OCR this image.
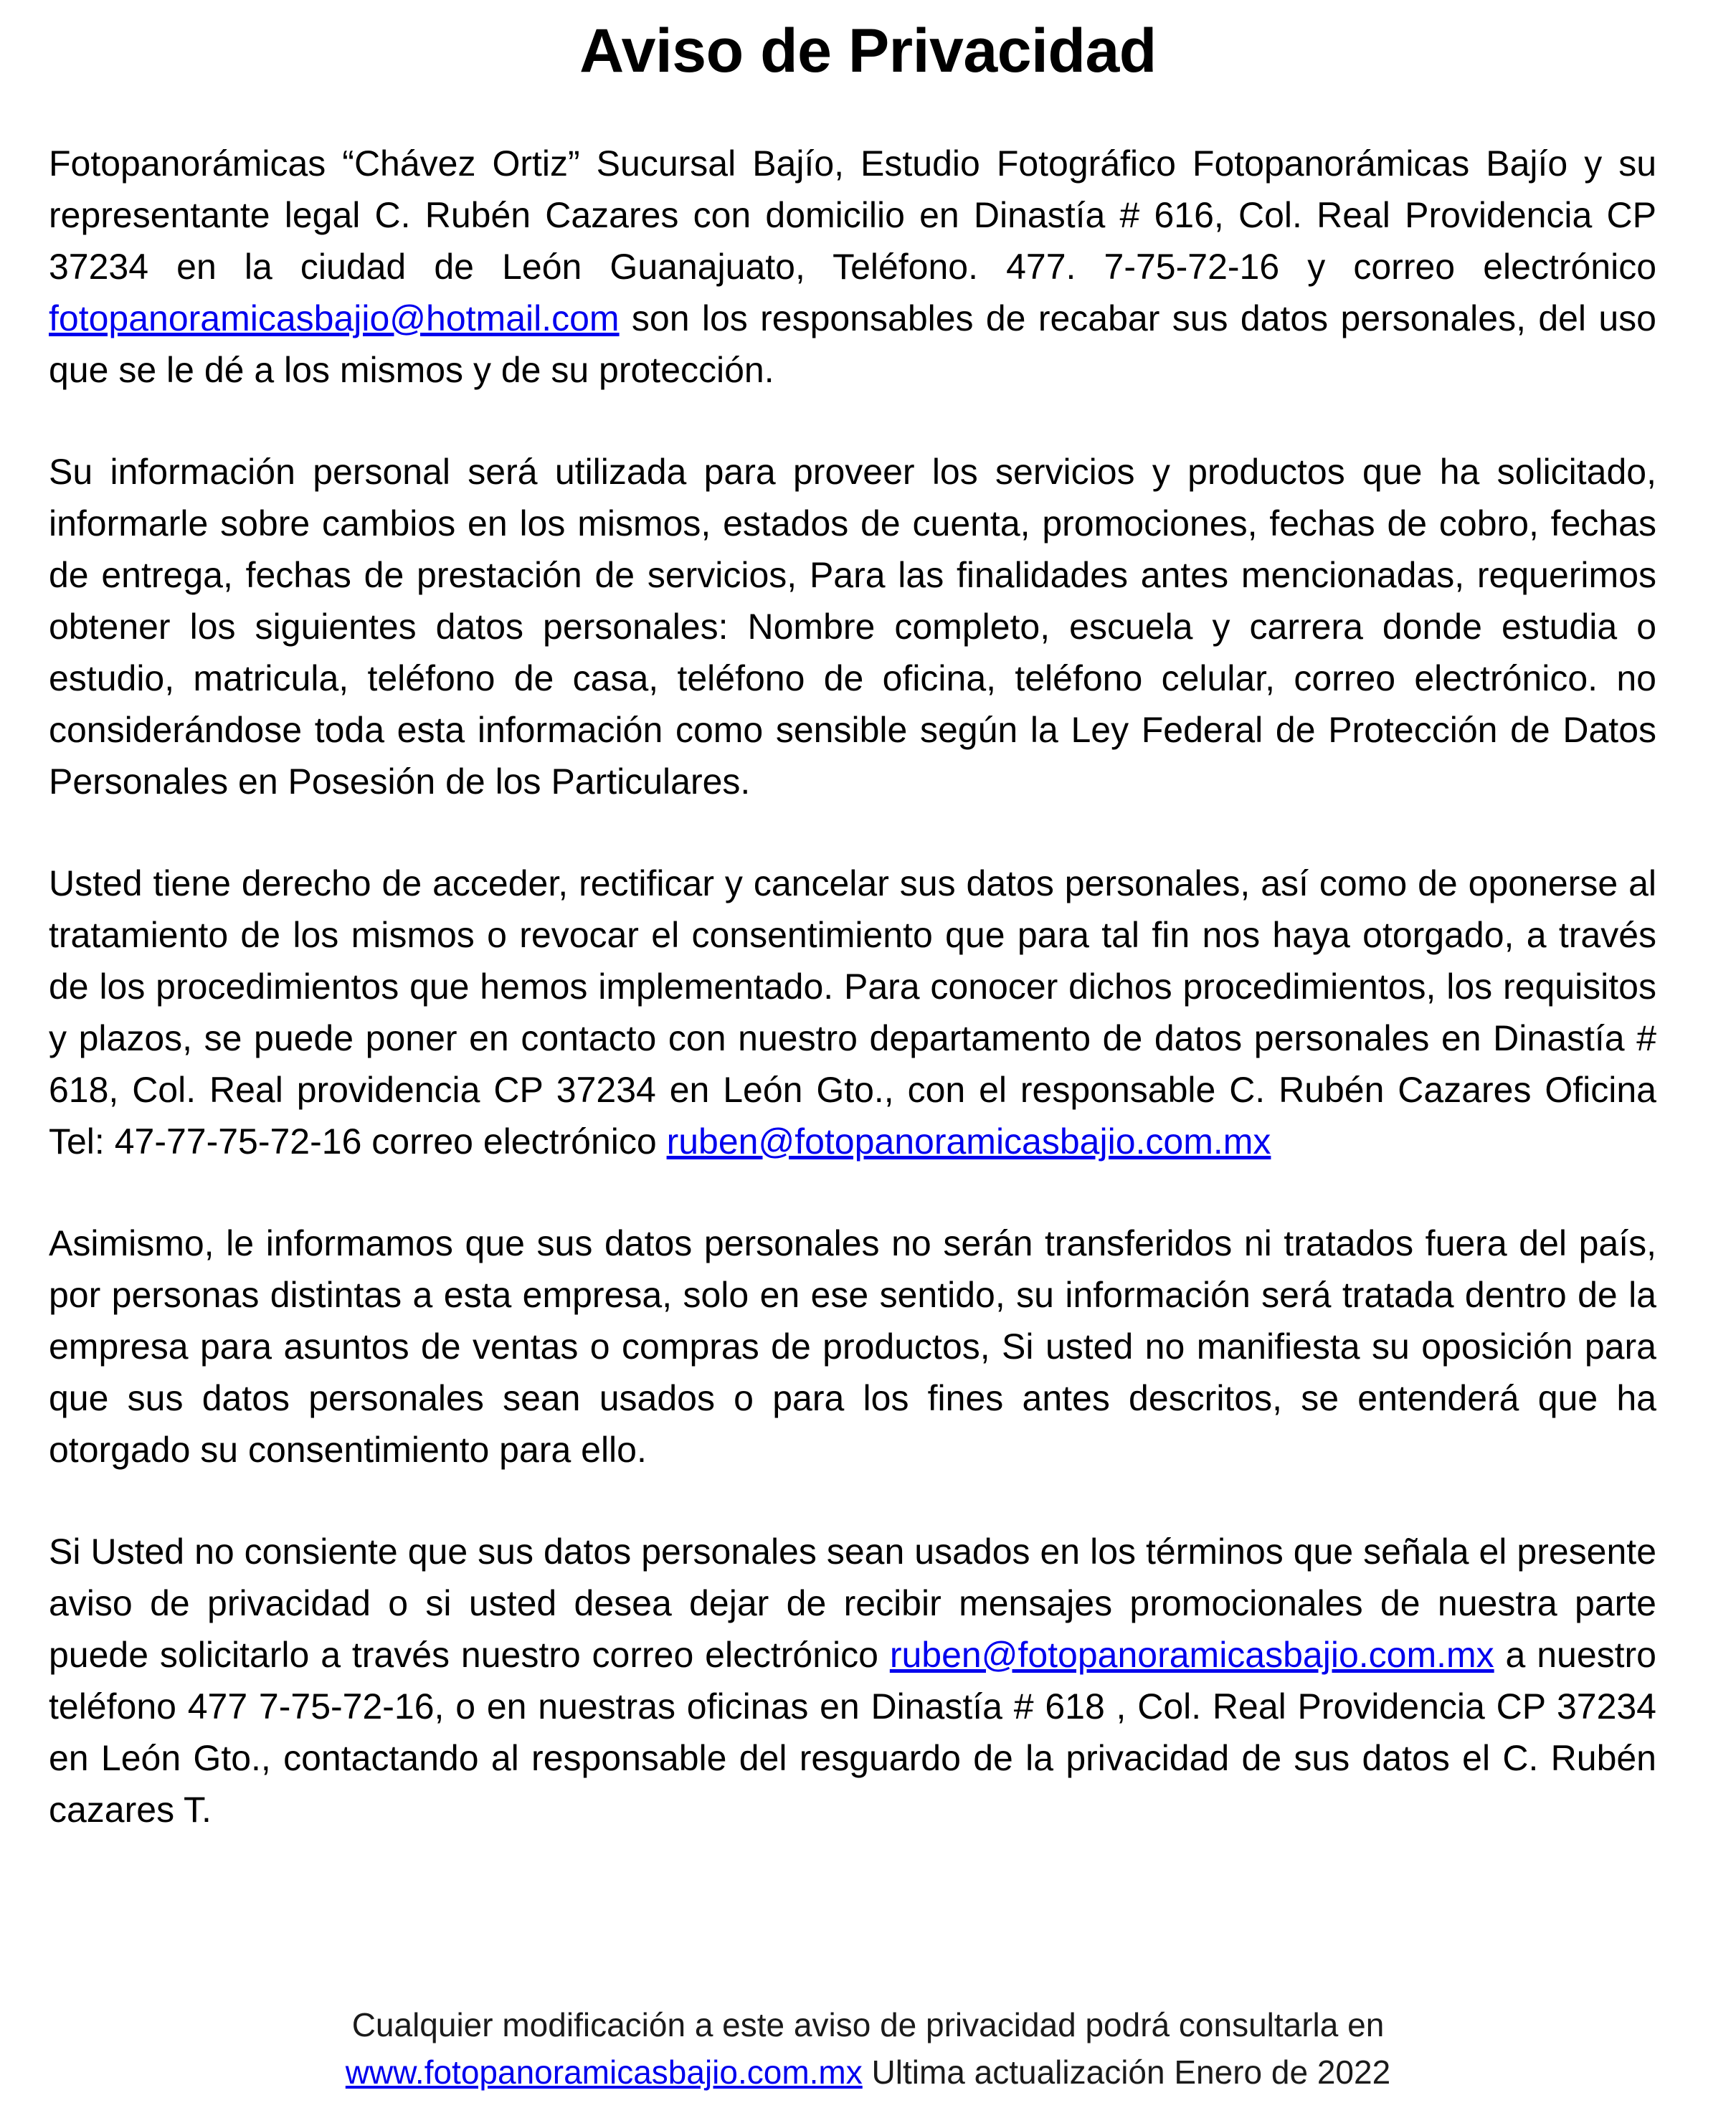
Aviso de Privacidad

Fotopanorámicas “Chávez Ortiz” Sucursal Bajío, Estudio Fotográfico Fotopanorámicas Bajío y su representante legal C. Rubén Cazares con domicilio en Dinastía # 616, Col. Real Providencia CP 37234 en la ciudad de León Guanajuato, Teléfono. 477. 7-75-72-16 y correo electrónico fotopanoramicasbajio@hotmail.com son los responsables de recabar sus datos personales, del uso que se le dé a los mismos y de su protección.

Su información personal será utilizada para proveer los servicios y productos que ha solicitado, informarle sobre cambios en los mismos, estados de cuenta, promociones, fechas de cobro, fechas de entrega, fechas de prestación de servicios, Para las finalidades antes mencionadas, requerimos obtener los siguientes datos personales: Nombre completo, escuela y carrera donde estudia o estudio, matricula, teléfono de casa, teléfono de oficina, teléfono celular, correo electrónico. no considerándose toda esta información como sensible según la Ley Federal de Protección de Datos Personales en Posesión de los Particulares.

Usted tiene derecho de acceder, rectificar y cancelar sus datos personales, así como de oponerse al tratamiento de los mismos o revocar el consentimiento que para tal fin nos haya otorgado, a través de los procedimientos que hemos implementado. Para conocer dichos procedimientos, los requisitos y plazos, se puede poner en contacto con nuestro departamento de datos personales en Dinastía # 618, Col. Real providencia CP 37234 en León Gto., con el responsable C. Rubén Cazares Oficina Tel: 47-77-75-72-16 correo electrónico ruben@fotopanoramicasbajio.com.mx

Asimismo, le informamos que sus datos personales no serán transferidos ni tratados fuera del país, por personas distintas a esta empresa, solo en ese sentido, su información será tratada dentro de la empresa para asuntos de ventas o compras de productos, Si usted no manifiesta su oposición para que sus datos personales sean usados o para los fines antes descritos, se entenderá que ha otorgado su consentimiento para ello.

Si Usted no consiente que sus datos personales sean usados en los términos que señala el presente aviso de privacidad o si usted desea dejar de recibir mensajes promocionales de nuestra parte puede solicitarlo a través nuestro correo electrónico ruben@fotopanoramicasbajio.com.mx a nuestro teléfono 477 7-75-72-16, o en nuestras oficinas en Dinastía # 618 , Col. Real Providencia CP 37234 en León Gto., contactando al responsable del resguardo de la privacidad de sus datos el C. Rubén cazares T.

Cualquier modificación a este aviso de privacidad podrá consultarla en
www.fotopanoramicasbajio.com.mx Ultima actualización Enero de 2022
